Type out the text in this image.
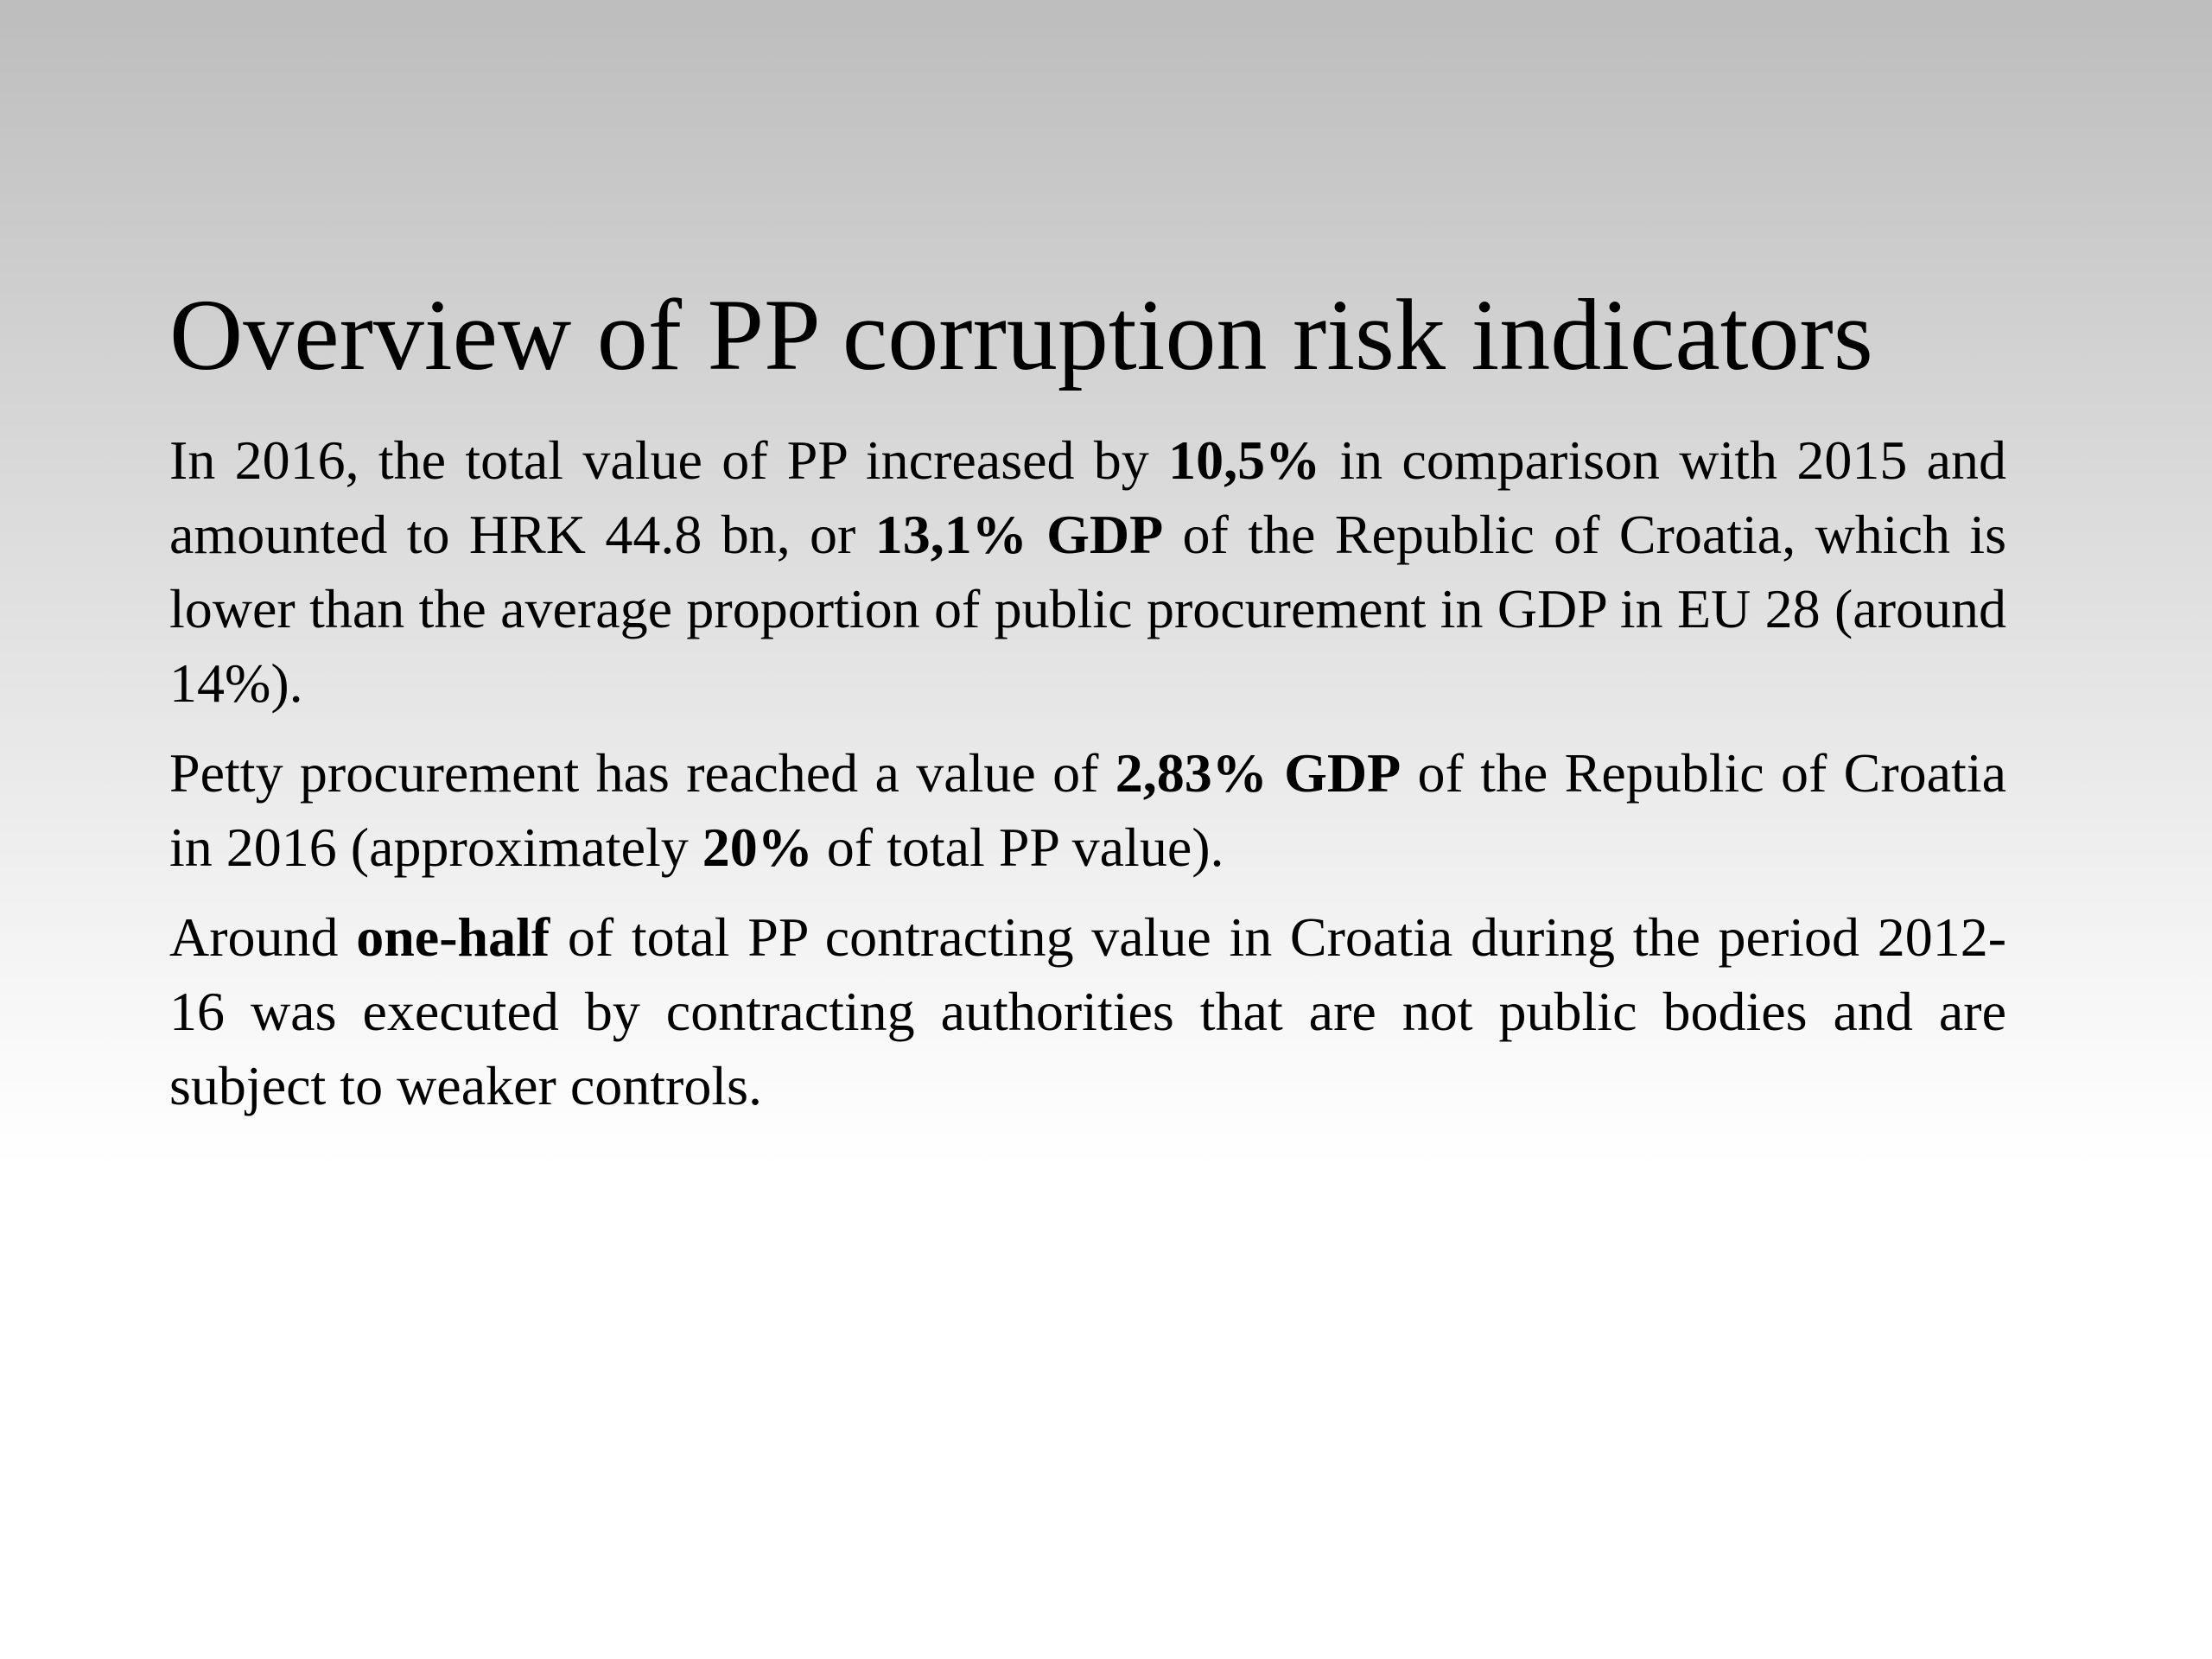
Overview of PP corruption risk indicators

In 2016, the total value of PP increased by 10,5% in comparison with 2015 and amounted to HRK 44.8 bn, or 13,1% GDP of the Republic of Croatia, which is lower than the average proportion of public procurement in GDP in EU 28 (around 14%).

Petty procurement has reached a value of 2,83% GDP of the Republic of Croatia in 2016 (approximately 20% of total PP value).

Around one-half of total PP contracting value in Croatia during the period 2012-16 was executed by contracting authorities that are not public bodies and are subject to weaker controls.
